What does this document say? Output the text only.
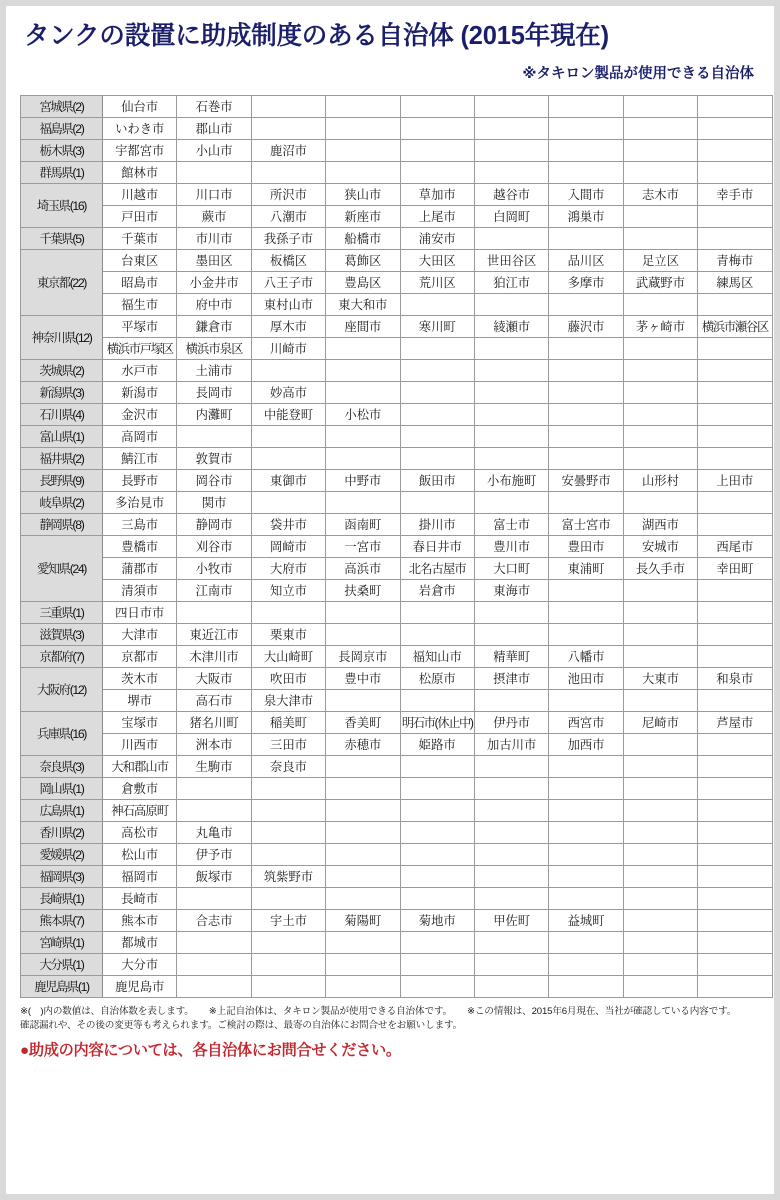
タンクの設置に助成制度のある自治体 (2015年現在)
※タキロン製品が使用できる自治体
宮城県(2)	仙台市	石巻市							
福島県(2)	いわき市	郡山市							
栃木県(3)	宇都宮市	小山市	鹿沼市						
群馬県(1)	館林市								
埼玉県(16)	川越市	川口市	所沢市	狭山市	草加市	越谷市	入間市	志木市	幸手市
	戸田市	蕨市	八潮市	新座市	上尾市	白岡町	鴻巣市		
千葉県(5)	千葉市	市川市	我孫子市	船橋市	浦安市				
東京都(22)	台東区	墨田区	板橋区	葛飾区	大田区	世田谷区	品川区	足立区	青梅市
	昭島市	小金井市	八王子市	豊島区	荒川区	狛江市	多摩市	武蔵野市	練馬区
	福生市	府中市	東村山市	東大和市					
神奈川県(12)	平塚市	鎌倉市	厚木市	座間市	寒川町	綾瀬市	藤沢市	茅ヶ崎市	横浜市瀬谷区
	横浜市戸塚区	横浜市泉区	川崎市						
茨城県(2)	水戸市	土浦市							
新潟県(3)	新潟市	長岡市	妙高市						
石川県(4)	金沢市	内灘町	中能登町	小松市					
富山県(1)	高岡市								
福井県(2)	鯖江市	敦賀市							
長野県(9)	長野市	岡谷市	東御市	中野市	飯田市	小布施町	安曇野市	山形村	上田市
岐阜県(2)	多治見市	関市							
静岡県(8)	三島市	静岡市	袋井市	函南町	掛川市	富士市	富士宮市	湖西市	
愛知県(24)	豊橋市	刈谷市	岡崎市	一宮市	春日井市	豊川市	豊田市	安城市	西尾市
	蒲郡市	小牧市	大府市	高浜市	北名古屋市	大口町	東浦町	長久手市	幸田町
	清須市	江南市	知立市	扶桑町	岩倉市	東海市			
三重県(1)	四日市市								
滋賀県(3)	大津市	東近江市	栗東市						
京都府(7)	京都市	木津川市	大山崎町	長岡京市	福知山市	精華町	八幡市		
大阪府(12)	茨木市	大阪市	吹田市	豊中市	松原市	摂津市	池田市	大東市	和泉市
	堺市	高石市	泉大津市						
兵庫県(16)	宝塚市	猪名川町	稲美町	香美町	明石市(休止中)	伊丹市	西宮市	尼崎市	芦屋市
	川西市	洲本市	三田市	赤穂市	姫路市	加古川市	加西市		
奈良県(3)	大和郡山市	生駒市	奈良市						
岡山県(1)	倉敷市								
広島県(1)	神石高原町								
香川県(2)	高松市	丸亀市							
愛媛県(2)	松山市	伊予市							
福岡県(3)	福岡市	飯塚市	筑紫野市						
長崎県(1)	長崎市								
熊本県(7)	熊本市	合志市	宇土市	菊陽町	菊地市	甲佐町	益城町		
宮崎県(1)	都城市								
大分県(1)	大分市								
鹿児島県(1)	鹿児島市								
※(　)内の数値は、自治体数を表します。 ※上記自治体は、タキロン製品が使用できる自治体です。 ※この情報は、2015年6月現在、当社が確認している内容です。
確認漏れや、その後の変更等も考えられます。ご検討の際は、最寄の自治体にお問合せをお願いします。
●助成の内容については、各自治体にお問合せください。
